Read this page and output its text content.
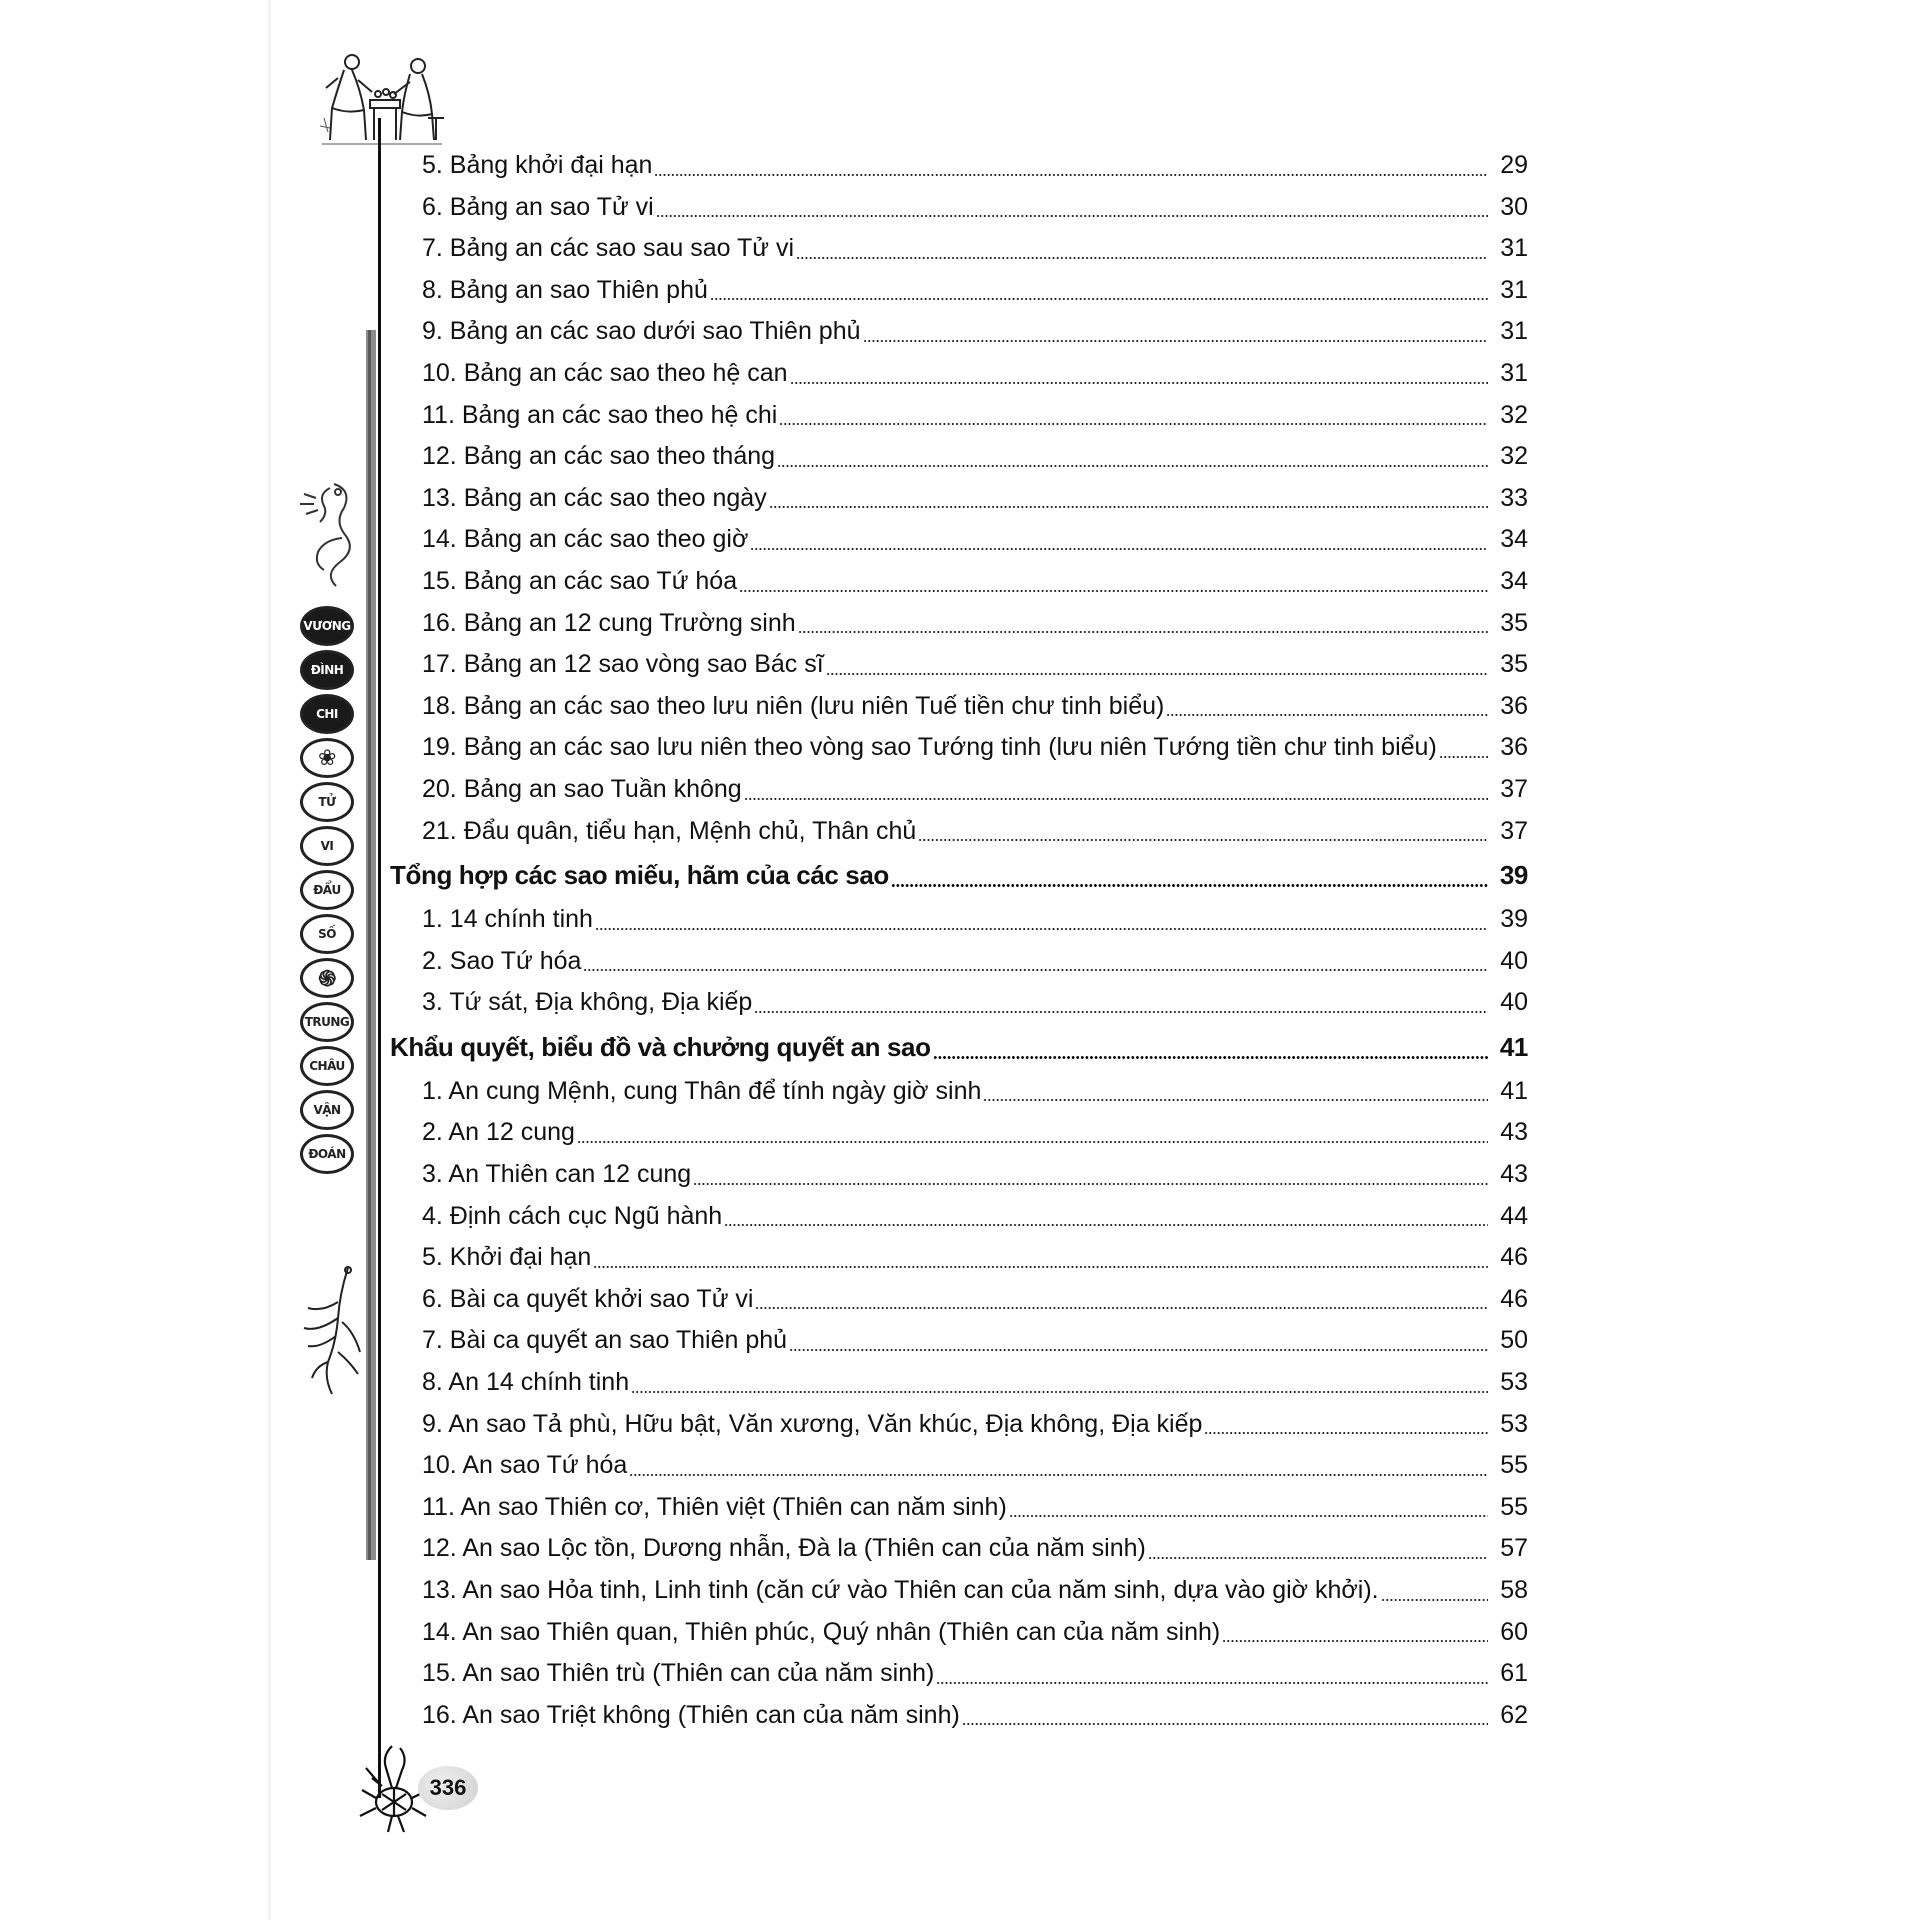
VƯƠNG
ĐÌNH
CHI
❀
TỬ
VI
ĐẨU
SỐ
֍
TRUNG
CHÂU
VẬN
ĐOÁN
5. Bảng khởi đại hạn	29
6. Bảng an sao Tử vi	30
7. Bảng an các sao sau sao Tử vi	31
8. Bảng an sao Thiên phủ	31
9. Bảng an các sao dưới sao Thiên phủ	31
10. Bảng an các sao theo hệ can	31
11. Bảng an các sao theo hệ chi	32
12. Bảng an các sao theo tháng	32
13. Bảng an các sao theo ngày	33
14. Bảng an các sao theo giờ	34
15. Bảng an các sao Tứ hóa	34
16. Bảng an 12 cung Trường sinh	35
17. Bảng an 12 sao vòng sao Bác sĩ	35
18. Bảng an các sao theo lưu niên (lưu niên Tuế tiền chư tinh biểu)	36
19. Bảng an các sao lưu niên theo vòng sao Tướng tinh (lưu niên Tướng tiền chư tinh biểu)	36
20. Bảng an sao Tuần không	37
21. Đẩu quân, tiểu hạn, Mệnh chủ, Thân chủ	37
Tổng hợp các sao miếu, hãm của các sao	39
1. 14 chính tinh	39
2. Sao Tứ hóa	40
3. Tứ sát, Địa không, Địa kiếp	40
Khẩu quyết, biểu đồ và chưởng quyết an sao	41
1. An cung Mệnh, cung Thân để tính ngày giờ sinh	41
2. An 12 cung	43
3. An Thiên can 12 cung	43
4. Định cách cục Ngũ hành	44
5. Khởi đại hạn	46
6. Bài ca quyết khởi sao Tử vi	46
7. Bài ca quyết an sao Thiên phủ	50
8. An 14 chính tinh	53
9. An sao Tả phù, Hữu bật, Văn xương, Văn khúc, Địa không, Địa kiếp	53
10. An sao Tứ hóa	55
11. An sao Thiên cơ, Thiên việt (Thiên can năm sinh)	55
12. An sao Lộc tồn, Dương nhẫn, Đà la (Thiên can của năm sinh)	57
13. An sao Hỏa tinh, Linh tinh (căn cứ vào Thiên can của năm sinh, dựa vào giờ khởi).	58
14. An sao Thiên quan, Thiên phúc, Quý nhân (Thiên can của năm sinh)	60
15. An sao Thiên trù (Thiên can của năm sinh)	61
16. An sao Triệt không (Thiên can của năm sinh)	62
336
